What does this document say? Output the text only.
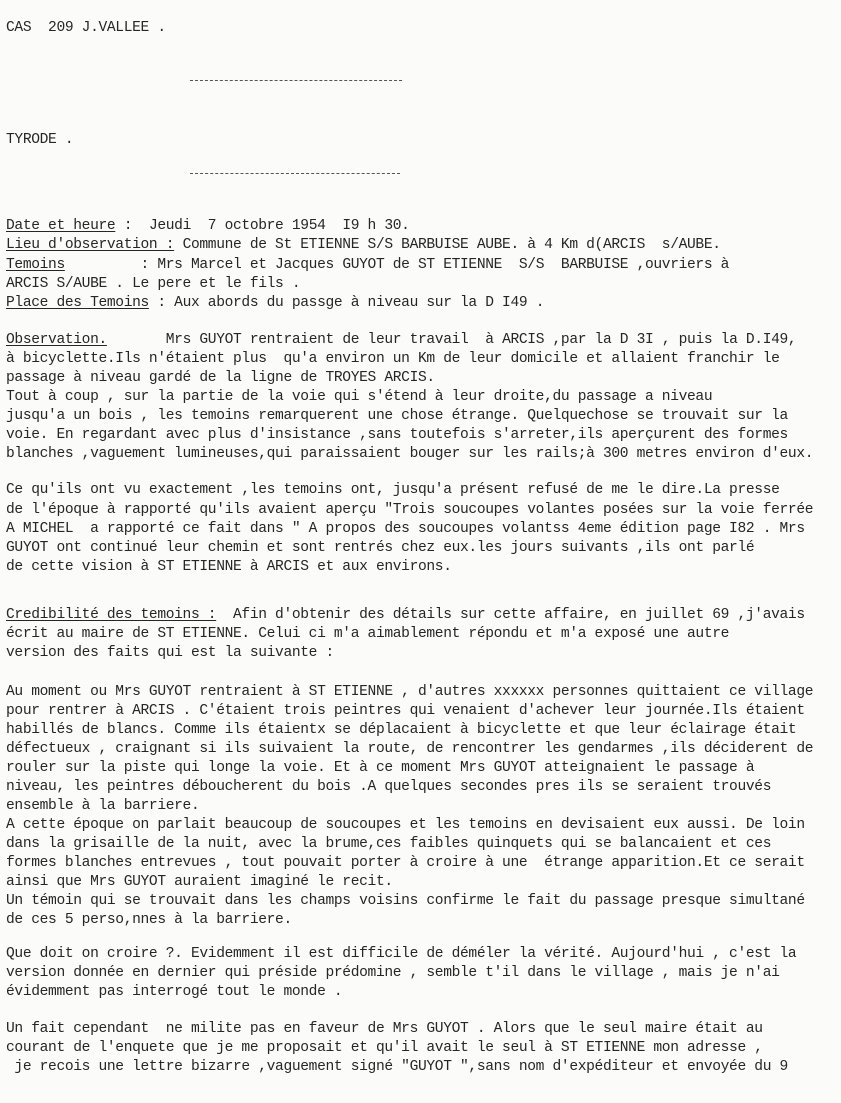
CAS  209 J.VALLEE .
TYRODE .
Date et heure :  Jeudi  7 octobre 1954  I9 h 30.
Lieu d'observation : Commune de St ETIENNE S/S BARBUISE AUBE. à 4 Km d(ARCIS  s/AUBE.
Temoins         : Mrs Marcel et Jacques GUYOT de ST ETIENNE  S/S  BARBUISE ,ouvriers à
ARCIS S/AUBE . Le pere et le fils .
Place des Temoins : Aux abords du passge à niveau sur la D I49 .
Observation.       Mrs GUYOT rentraient de leur travail  à ARCIS ,par la D 3I , puis la D.I49,
à bicyclette.Ils n'étaient plus  qu'a environ un Km de leur domicile et allaient franchir le
passage à niveau gardé de la ligne de TROYES ARCIS.
Tout à coup , sur la partie de la voie qui s'étend à leur droite,du passage a niveau
jusqu'a un bois , les temoins remarquerent une chose étrange. Quelquechose se trouvait sur la
voie. En regardant avec plus d'insistance ,sans toutefois s'arreter,ils aperçurent des formes
blanches ,vaguement lumineuses,qui paraissaient bouger sur les rails;à 300 metres environ d'eux.
Ce qu'ils ont vu exactement ,les temoins ont, jusqu'a présent refusé de me le dire.La presse
de l'époque à rapporté qu'ils avaient aperçu "Trois soucoupes volantes posées sur la voie ferrée
A MICHEL  a rapporté ce fait dans " A propos des soucoupes volantss 4eme édition page I82 . Mrs
GUYOT ont continué leur chemin et sont rentrés chez eux.les jours suivants ,ils ont parlé
de cette vision à ST ETIENNE à ARCIS et aux environs.
Credibilité des temoins :  Afin d'obtenir des détails sur cette affaire, en juillet 69 ,j'avais
écrit au maire de ST ETIENNE. Celui ci m'a aimablement répondu et m'a exposé une autre
version des faits qui est la suivante :
Au moment ou Mrs GUYOT rentraient à ST ETIENNE , d'autres xxxxxx personnes quittaient ce village
pour rentrer à ARCIS . C'étaient trois peintres qui venaient d'achever leur journée.Ils étaient
habillés de blancs. Comme ils étaientx se déplacaient à bicyclette et que leur éclairage était
défectueux , craignant si ils suivaient la route, de rencontrer les gendarmes ,ils déciderent de
rouler sur la piste qui longe la voie. Et à ce moment Mrs GUYOT atteignaient le passage à
niveau, les peintres déboucherent du bois .A quelques secondes pres ils se seraient trouvés
ensemble à la barriere.
A cette époque on parlait beaucoup de soucoupes et les temoins en devisaient eux aussi. De loin
dans la grisaille de la nuit, avec la brume,ces faibles quinquets qui se balancaient et ces
formes blanches entrevues , tout pouvait porter à croire à une  étrange apparition.Et ce serait
ainsi que Mrs GUYOT auraient imaginé le recit.
Un témoin qui se trouvait dans les champs voisins confirme le fait du passage presque simultané
de ces 5 perso,nnes à la barriere.
Que doit on croire ?. Evidemment il est difficile de déméler la vérité. Aujourd'hui , c'est la
version donnée en dernier qui préside prédomine , semble t'il dans le village , mais je n'ai
évidemment pas interrogé tout le monde .
Un fait cependant  ne milite pas en faveur de Mrs GUYOT . Alors que le seul maire était au
courant de l'enquete que je me proposait et qu'il avait le seul à ST ETIENNE mon adresse ,
je recois une lettre bizarre ,vaguement signé "GUYOT ",sans nom d'expéditeur et envoyée du 9
